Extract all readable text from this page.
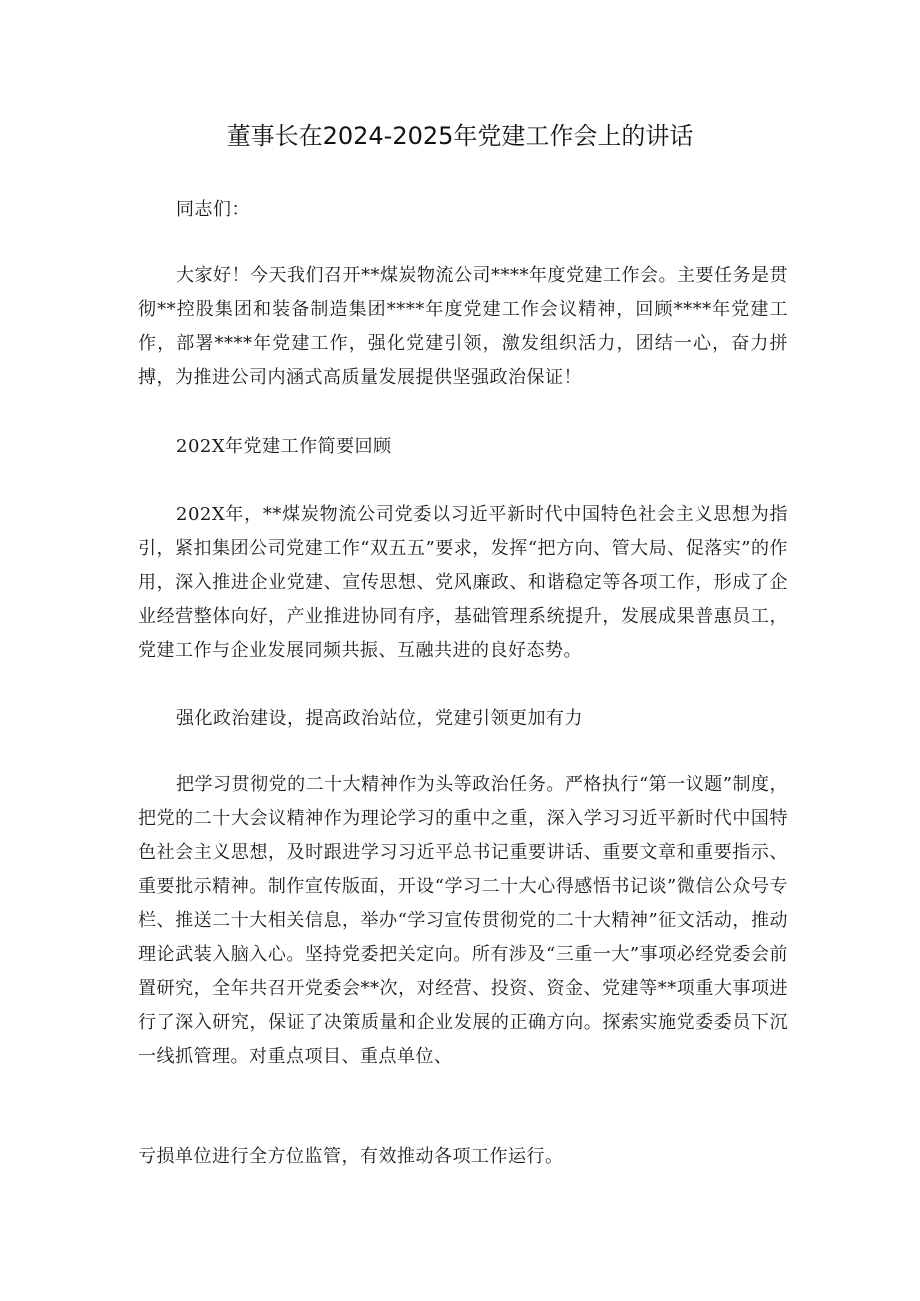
董事长在2024-2025年党建工作会上的讲话
同志们：
大家好！今天我们召开**煤炭物流公司****年度党建工作会。主要任务是贯彻**控股集团和装备制造集团****年度党建工作会议精神，回顾****年党建工作，部署****年党建工作，强化党建引领，激发组织活力，团结一心，奋力拼搏，为推进公司内涵式高质量发展提供坚强政治保证！
202X年党建工作简要回顾
202X年，**煤炭物流公司党委以习近平新时代中国特色社会主义思想为指引，紧扣集团公司党建工作“双五五”要求，发挥“把方向、管大局、促落实”的作用，深入推进企业党建、宣传思想、党风廉政、和谐稳定等各项工作，形成了企业经营整体向好，产业推进协同有序，基础管理系统提升，发展成果普惠员工，党建工作与企业发展同频共振、互融共进的良好态势。
强化政治建设，提高政治站位，党建引领更加有力
把学习贯彻党的二十大精神作为头等政治任务。严格执行“第一议题”制度，把党的二十大会议精神作为理论学习的重中之重，深入学习习近平新时代中国特色社会主义思想，及时跟进学习习近平总书记重要讲话、重要文章和重要指示、重要批示精神。制作宣传版面，开设“学习二十大心得感悟书记谈”微信公众号专栏、推送二十大相关信息，举办“学习宣传贯彻党的二十大精神”征文活动，推动理论武装入脑入心。坚持党委把关定向。所有涉及“三重一大”事项必经党委会前置研究，全年共召开党委会**次，对经营、投资、资金、党建等**项重大事项进行了深入研究，保证了决策质量和企业发展的正确方向。探索实施党委委员下沉一线抓管理。对重点项目、重点单位、
亏损单位进行全方位监管，有效推动各项工作运行。
